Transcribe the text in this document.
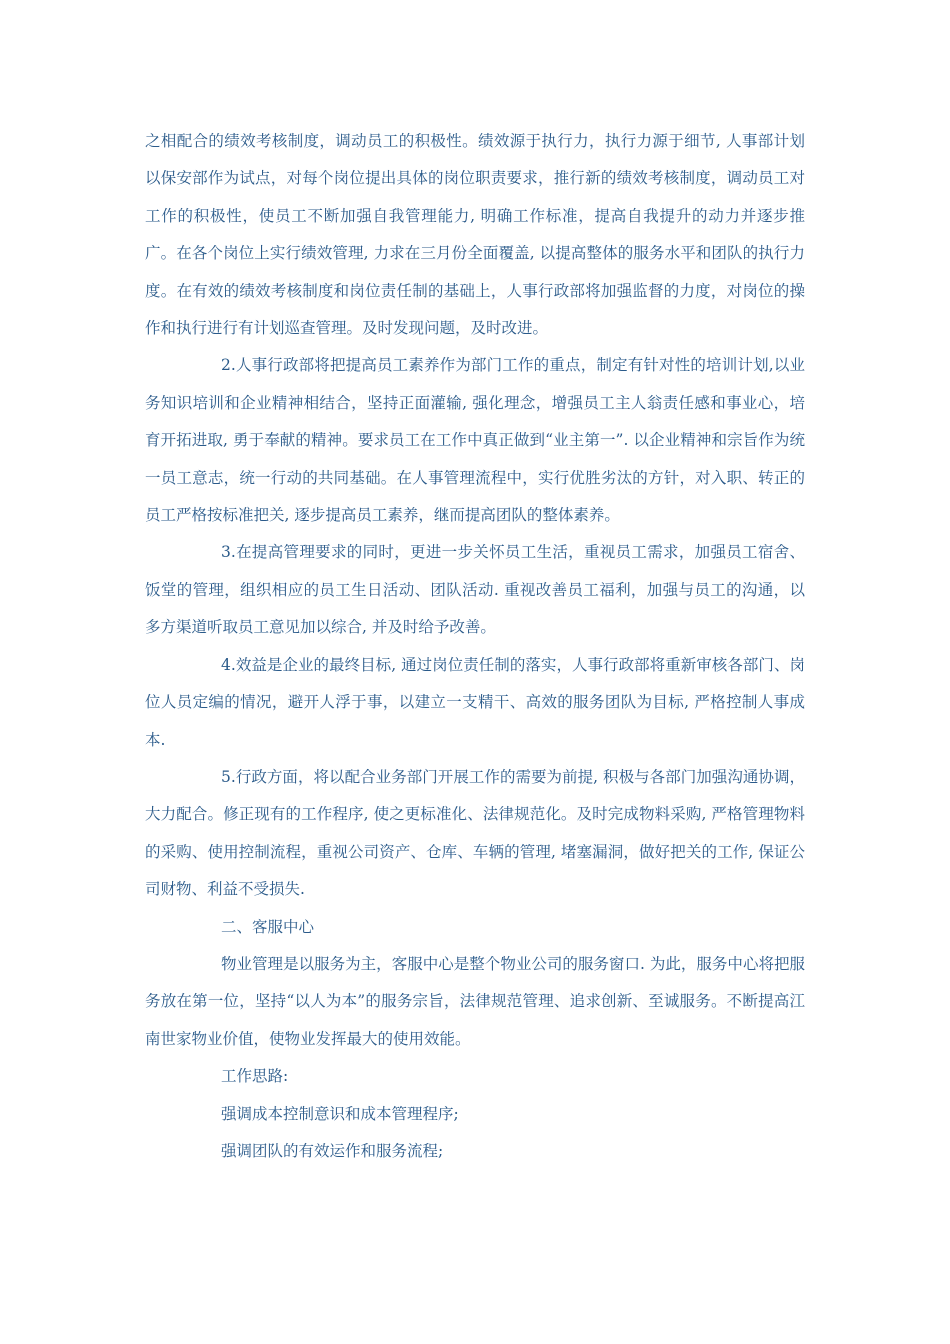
之相配合的绩效考核制度，调动员工的积极性。绩效源于执行力，执行力源于细节, 人事部计划以保安部作为试点，对每个岗位提出具体的岗位职责要求，推行新的绩效考核制度，调动员工对工作的积极性，使员工不断加强自我管理能力, 明确工作标准，提高自我提升的动力并逐步推广。在各个岗位上实行绩效管理, 力求在三月份全面覆盖, 以提高整体的服务水平和团队的执行力度。在有效的绩效考核制度和岗位责任制的基础上，人事行政部将加强监督的力度，对岗位的操作和执行进行有计划巡查管理。及时发现问题，及时改进。

2.人事行政部将把提高员工素养作为部门工作的重点，制定有针对性的培训计划,以业务知识培训和企业精神相结合，坚持正面灌输, 强化理念，增强员工主人翁责任感和事业心，培育开拓进取, 勇于奉献的精神。要求员工在工作中真正做到“业主第一”. 以企业精神和宗旨作为统一员工意志，统一行动的共同基础。在人事管理流程中，实行优胜劣汰的方针，对入职、转正的员工严格按标准把关, 逐步提高员工素养，继而提高团队的整体素养。

3.在提高管理要求的同时，更进一步关怀员工生活，重视员工需求，加强员工宿舍、饭堂的管理，组织相应的员工生日活动、团队活动. 重视改善员工福利，加强与员工的沟通，以多方渠道听取员工意见加以综合, 并及时给予改善。

4.效益是企业的最终目标, 通过岗位责任制的落实，人事行政部将重新审核各部门、岗位人员定编的情况，避开人浮于事，以建立一支精干、高效的服务团队为目标, 严格控制人事成本.

5.行政方面，将以配合业务部门开展工作的需要为前提, 积极与各部门加强沟通协调，大力配合。修正现有的工作程序, 使之更标准化、法律规范化。及时完成物料采购, 严格管理物料的采购、使用控制流程，重视公司资产、仓库、车辆的管理, 堵塞漏洞，做好把关的工作, 保证公司财物、利益不受损失.

二、客服中心

物业管理是以服务为主，客服中心是整个物业公司的服务窗口. 为此，服务中心将把服务放在第一位，坚持“以人为本”的服务宗旨，法律规范管理、追求创新、至诚服务。不断提高江南世家物业价值，使物业发挥最大的使用效能。

工作思路:

强调成本控制意识和成本管理程序;

强调团队的有效运作和服务流程;
